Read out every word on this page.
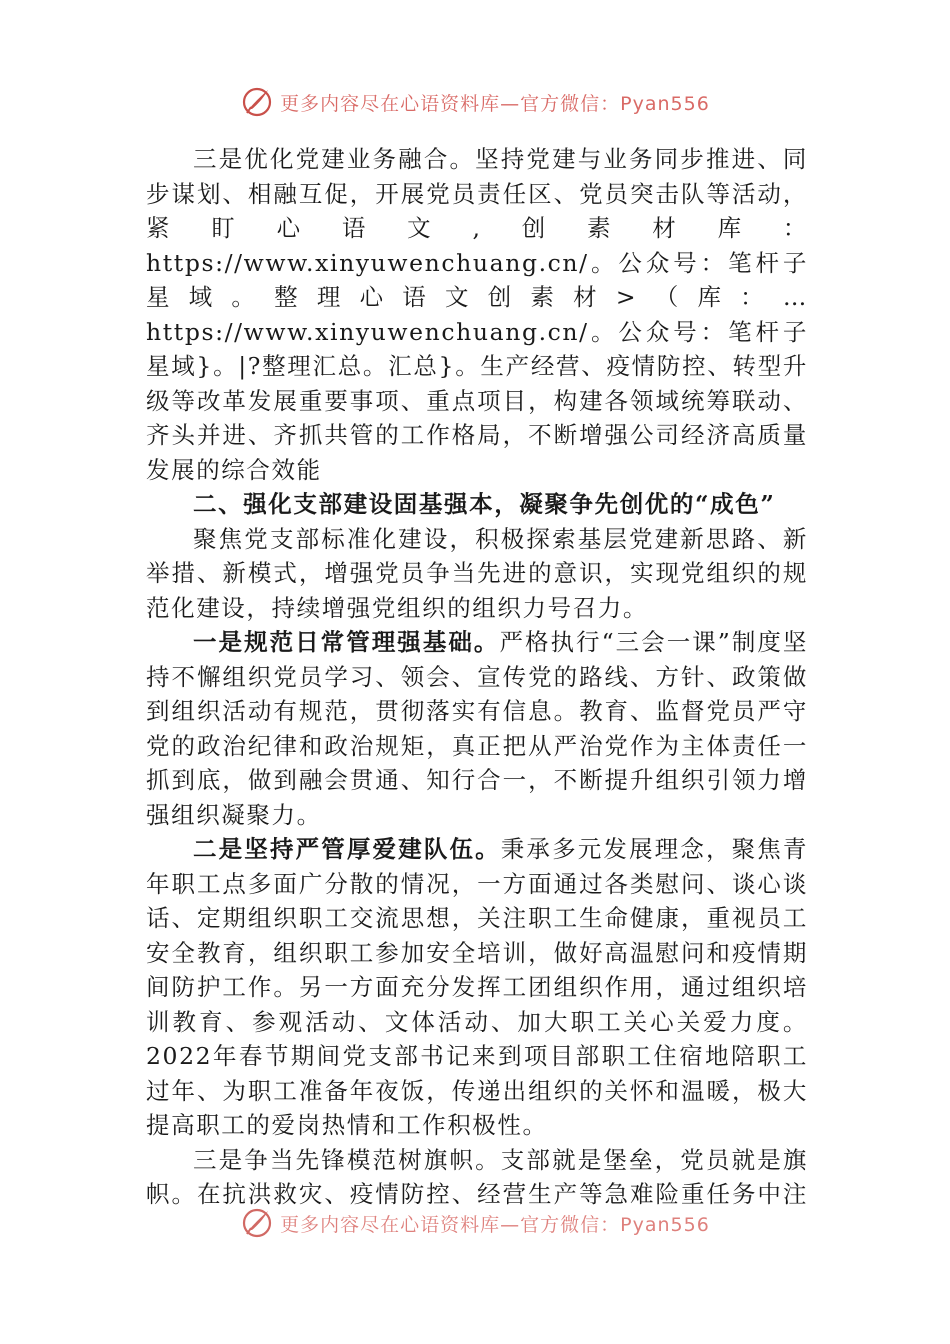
更多内容尽在心语资料库—官方微信：Pyan556

三是优化党建业务融合。坚持党建与业务同步推进、同步谋划、相融互促，开展党员责任区、党员突击队等活动，紧盯心语文,创素材库：https://www.xinyuwenchuang.cn/。公众号：笔杆子星域。整理心语文创素材>（库：…https://www.xinyuwenchuang.cn/。公众号：笔杆子星域}。|?整理汇总。汇总}。生产经营、疫情防控、转型升级等改革发展重要事项、重点项目，构建各领域统筹联动、齐头并进、齐抓共管的工作格局，不断增强公司经济高质量发展的综合效能

二、强化支部建设固基强本，凝聚争先创优的“成色”

聚焦党支部标准化建设，积极探索基层党建新思路、新举措、新模式，增强党员争当先进的意识，实现党组织的规范化建设，持续增强党组织的组织力号召力。

一是规范日常管理强基础。严格执行“三会一课”制度坚持不懈组织党员学习、领会、宣传党的路线、方针、政策做到组织活动有规范，贯彻落实有信息。教育、监督党员严守党的政治纪律和政治规矩，真正把从严治党作为主体责任一抓到底，做到融会贯通、知行合一，不断提升组织引领力增强组织凝聚力。

二是坚持严管厚爱建队伍。秉承多元发展理念，聚焦青年职工点多面广分散的情况，一方面通过各类慰问、谈心谈话、定期组织职工交流思想，关注职工生命健康，重视员工安全教育，组织职工参加安全培训，做好高温慰问和疫情期间防护工作。另一方面充分发挥工团组织作用，通过组织培训教育、参观活动、文体活动、加大职工关心关爱力度。2022年春节期间党支部书记来到项目部职工住宿地陪职工过年、为职工准备年夜饭，传递出组织的关怀和温暖，极大提高职工的爱岗热情和工作积极性。

三是争当先锋模范树旗帜。支部就是堡垒，党员就是旗帜。在抗洪救灾、疫情防控、经营生产等急难险重任务中注

更多内容尽在心语资料库—官方微信：Pyan556
